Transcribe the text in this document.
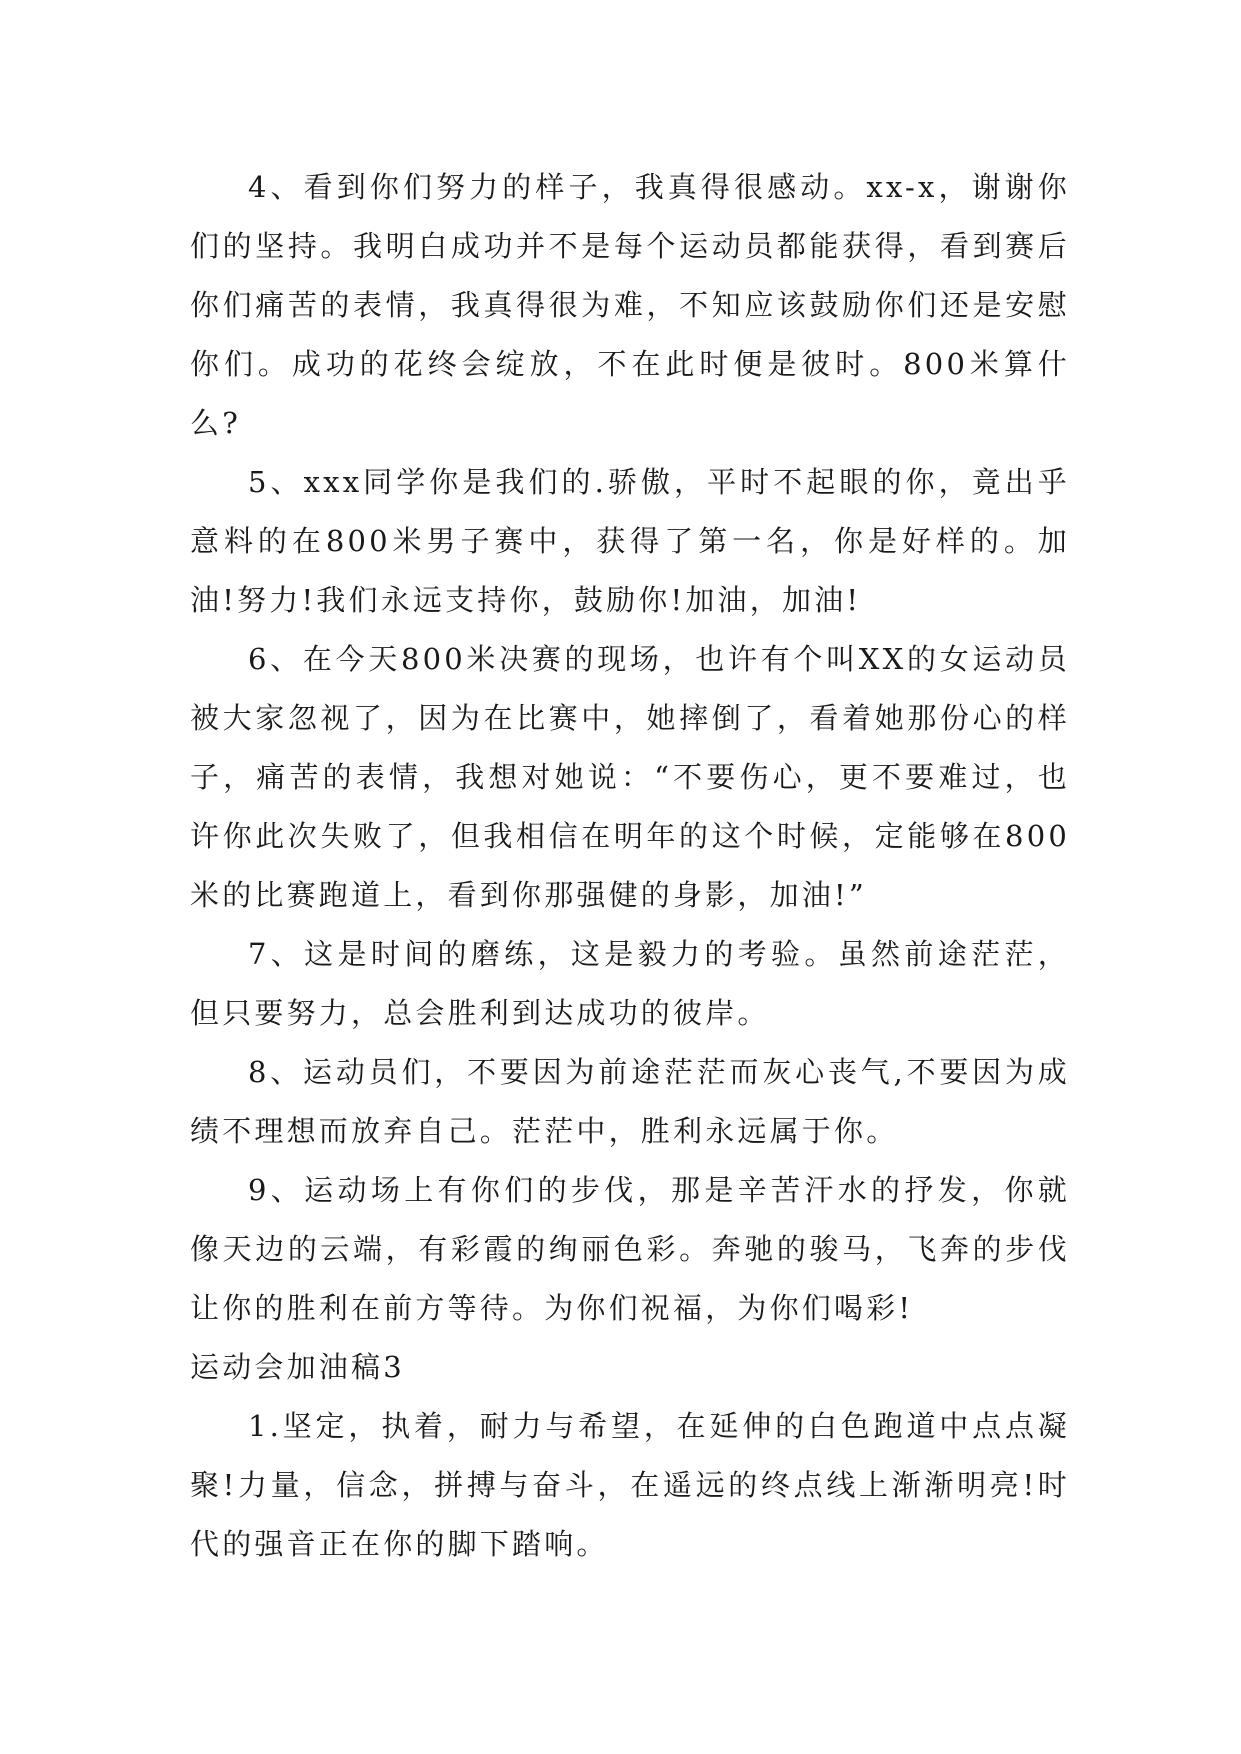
4、看到你们努力的样子，我真得很感动。xx-x，谢谢你们的坚持。我明白成功并不是每个运动员都能获得，看到赛后你们痛苦的表情，我真得很为难，不知应该鼓励你们还是安慰你们。成功的花终会绽放，不在此时便是彼时。800米算什么?

5、xxx同学你是我们的.骄傲，平时不起眼的你，竟出乎意料的在800米男子赛中，获得了第一名，你是好样的。加油!努力!我们永远支持你，鼓励你!加油，加油!

6、在今天800米决赛的现场，也许有个叫XX的女运动员被大家忽视了，因为在比赛中，她摔倒了，看着她那份心的样子，痛苦的表情，我想对她说：“不要伤心，更不要难过，也许你此次失败了，但我相信在明年的这个时候，定能够在800米的比赛跑道上，看到你那强健的身影，加油!”

7、这是时间的磨练，这是毅力的考验。虽然前途茫茫，但只要努力，总会胜利到达成功的彼岸。

8、运动员们，不要因为前途茫茫而灰心丧气,不要因为成绩不理想而放弃自己。茫茫中，胜利永远属于你。

9、运动场上有你们的步伐，那是辛苦汗水的抒发，你就像天边的云端，有彩霞的绚丽色彩。奔驰的骏马，飞奔的步伐让你的胜利在前方等待。为你们祝福，为你们喝彩!

运动会加油稿3

1.坚定，执着，耐力与希望，在延伸的白色跑道中点点凝聚!力量，信念，拼搏与奋斗，在遥远的终点线上渐渐明亮!时代的强音正在你的脚下踏响。
